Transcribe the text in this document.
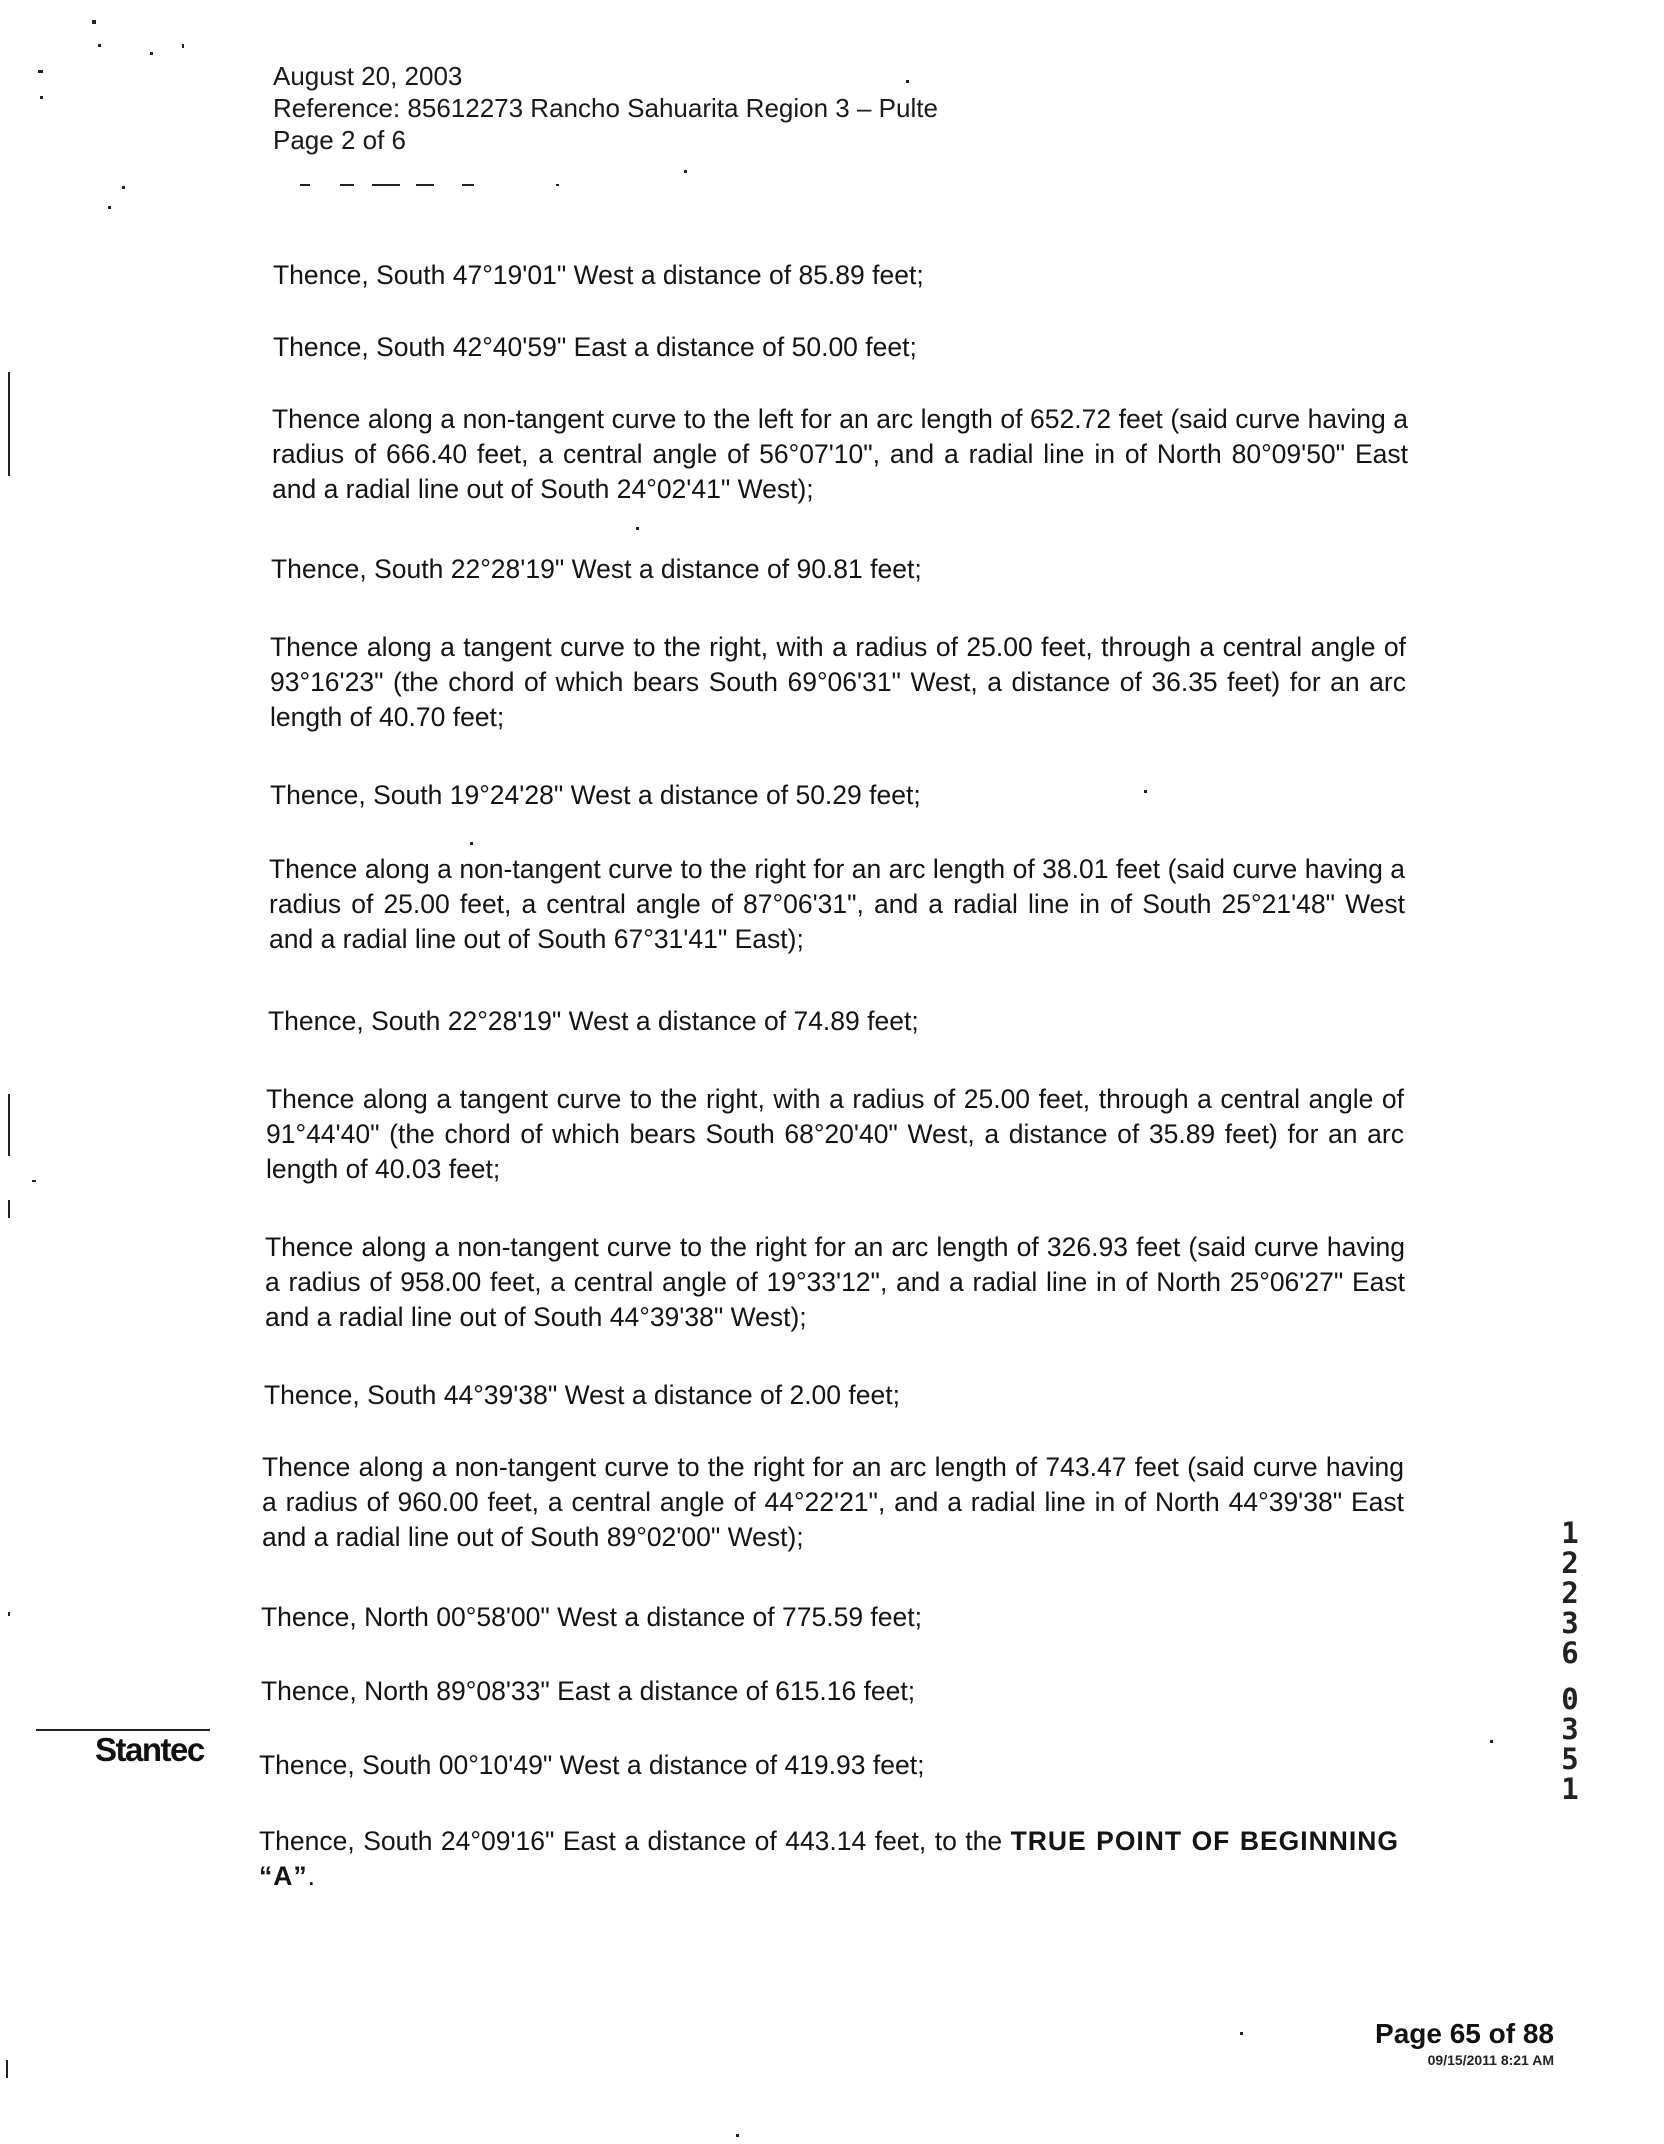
August 20, 2003
Reference: 85612273 Rancho Sahuarita Region 3 – Pulte
Page 2 of 6

Thence, South 47°19'01" West a distance of 85.89 feet;

Thence, South 42°40'59" East a distance of 50.00 feet;

Thence along a non-tangent curve to the left for an arc length of 652.72 feet (said curve having a radius of 666.40 feet, a central angle of 56°07'10", and a radial line in of North 80°09'50" East and a radial line out of South 24°02'41" West);

Thence, South 22°28'19" West a distance of 90.81 feet;

Thence along a tangent curve to the right, with a radius of 25.00 feet, through a central angle of 93°16'23" (the chord of which bears South 69°06'31" West, a distance of 36.35 feet) for an arc length of 40.70 feet;

Thence, South 19°24'28" West a distance of 50.29 feet;

Thence along a non-tangent curve to the right for an arc length of 38.01 feet (said curve having a radius of 25.00 feet, a central angle of 87°06'31", and a radial line in of South 25°21'48" West and a radial line out of South 67°31'41" East);

Thence, South 22°28'19" West a distance of 74.89 feet;

Thence along a tangent curve to the right, with a radius of 25.00 feet, through a central angle of 91°44'40" (the chord of which bears South 68°20'40" West, a distance of 35.89 feet) for an arc length of 40.03 feet;

Thence along a non-tangent curve to the right for an arc length of 326.93 feet (said curve having a radius of 958.00 feet, a central angle of 19°33'12", and a radial line in of North 25°06'27" East and a radial line out of South 44°39'38" West);

Thence, South 44°39'38" West a distance of 2.00 feet;

Thence along a non-tangent curve to the right for an arc length of 743.47 feet (said curve having a radius of 960.00 feet, a central angle of 44°22'21", and a radial line in of North 44°39'38" East and a radial line out of South 89°02'00" West);

Thence, North 00°58'00" West a distance of 775.59 feet;

Thence, North 89°08'33" East a distance of 615.16 feet;

Thence, South 00°10'49" West a distance of 419.93 feet;

Thence, South 24°09'16" East a distance of 443.14 feet, to the TRUE POINT OF BEGINNING “A”.

Stantec
1
2
2
3
6
0
3
5
1
Page 65 of 88
09/15/2011 8:21 AM
